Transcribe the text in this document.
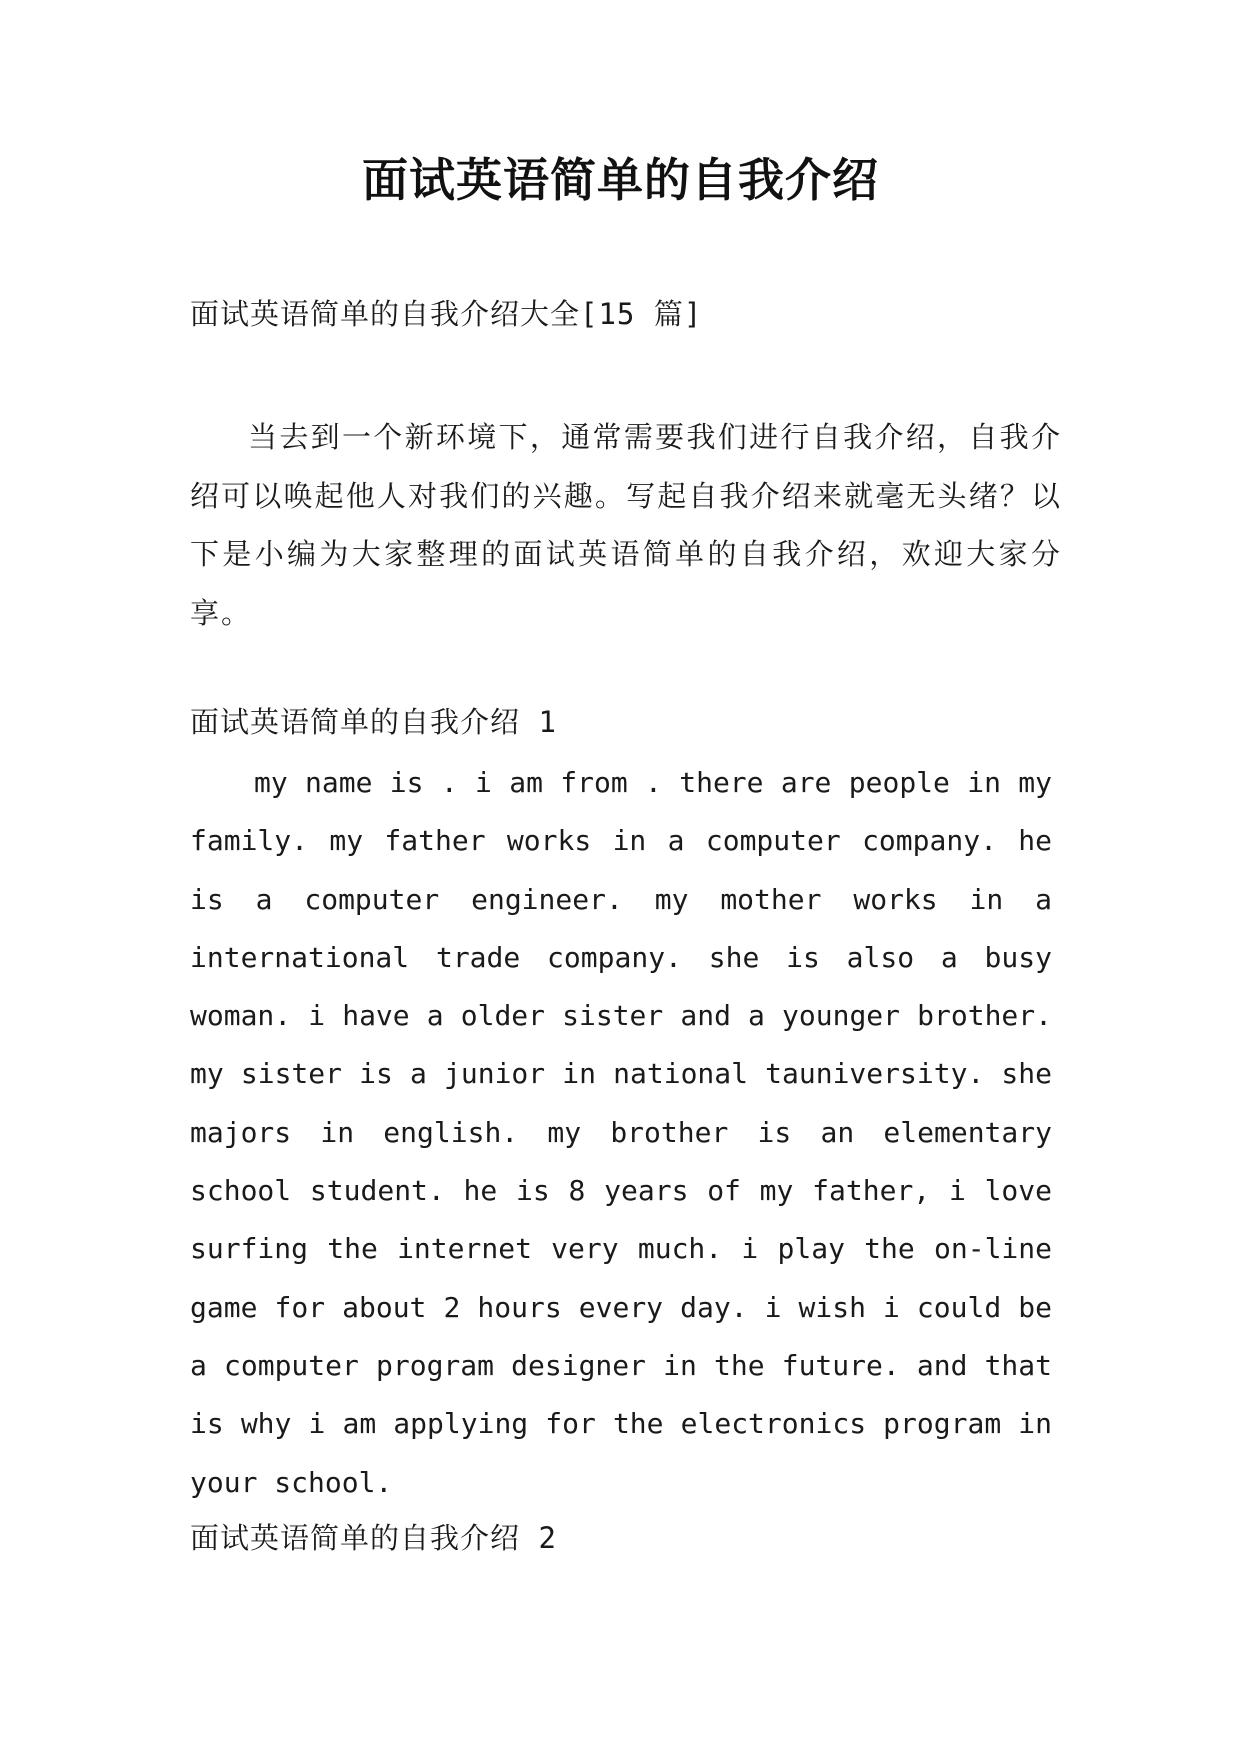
面试英语简单的自我介绍
面试英语简单的自我介绍大全[15 篇]

当去到一个新环境下，通常需要我们进行自我介绍，自我介绍可以唤起他人对我们的兴趣。写起自我介绍来就毫无头绪？以下是小编为大家整理的面试英语简单的自我介绍，欢迎大家分享。

面试英语简单的自我介绍 1

my name is . i am from . there are people in my family. my father works in a computer company. he is a computer engineer. my mother works in a international trade company. she is also a busy woman. i have a older sister and a younger brother. my sister is a junior in national tauniversity. she majors in english. my brother is an elementary school student. he is 8 years of my father, i love surfing the internet very much. i play the on-line game for about 2 hours every day. i wish i could be a computer program designer in the future. and that is why i am applying for the electronics program in your school.

面试英语简单的自我介绍 2
